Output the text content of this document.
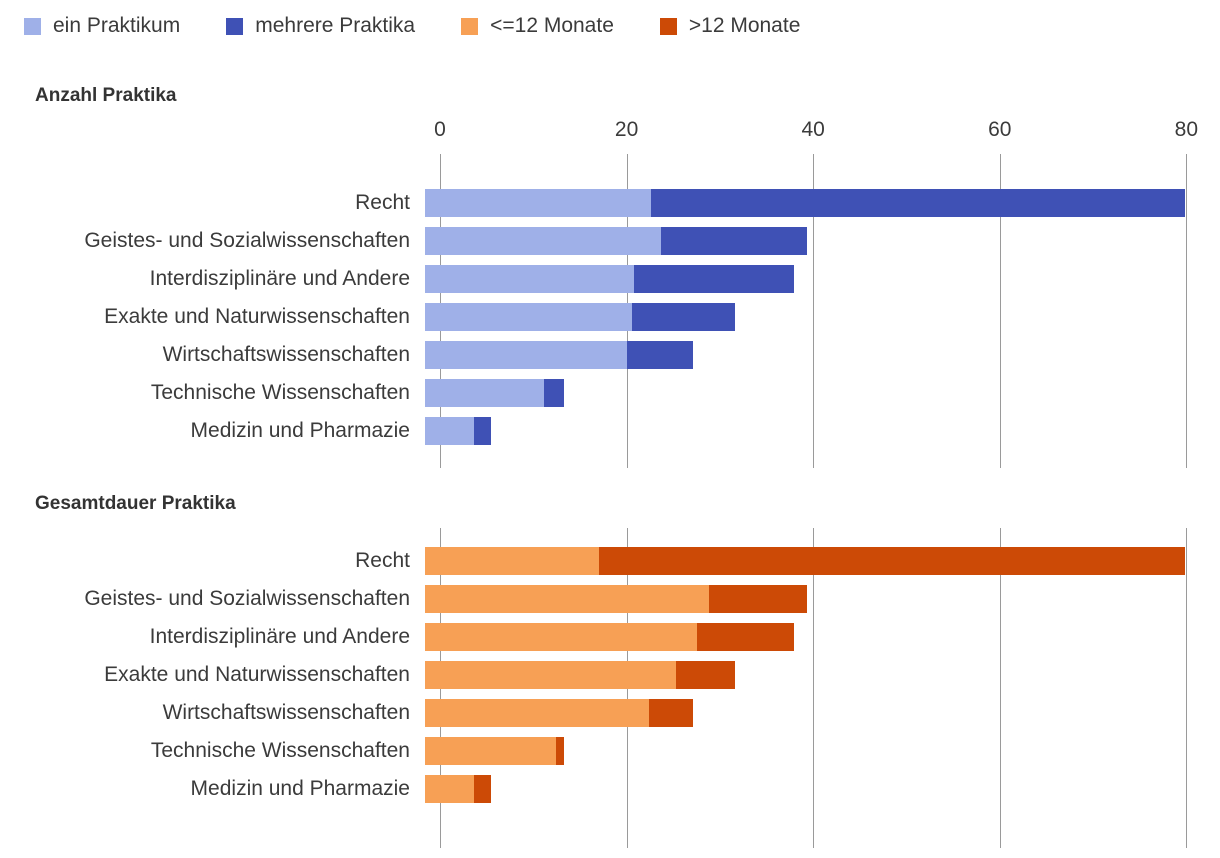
ein Praktikum	mehrere Praktika	<=12 Monate	>12 Monate
Anzahl Praktika
0	20	40	60	80
Recht
Geistes- und Sozialwissenschaften
Interdisziplinäre und Andere
Exakte und Naturwissenschaften
Wirtschaftswissenschaften
Technische Wissenschaften
Medizin und Pharmazie
Gesamtdauer Praktika
Recht
Geistes- und Sozialwissenschaften
Interdisziplinäre und Andere
Exakte und Naturwissenschaften
Wirtschaftswissenschaften
Technische Wissenschaften
Medizin und Pharmazie
